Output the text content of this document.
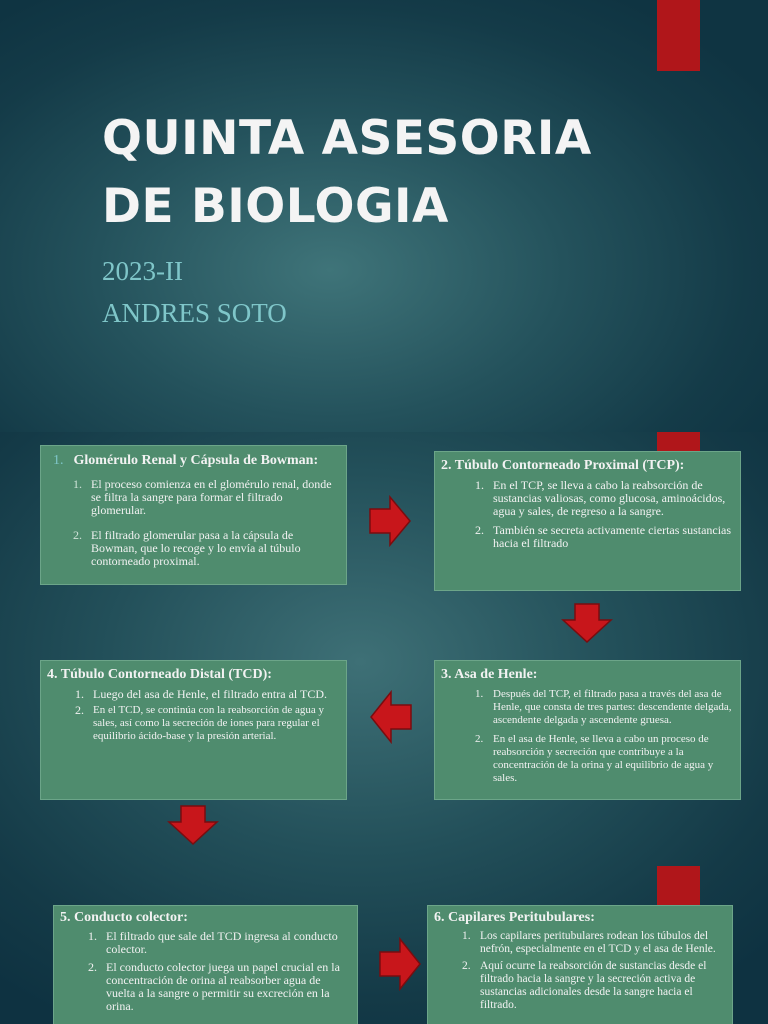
QUINTA ASESORIA
DE BIOLOGIA

2023-II

ANDRES SOTO

1. Glomérulo Renal y Cápsula de Bowman:

1. El proceso comienza en el glomérulo renal, donde se filtra la sangre para formar el filtrado glomerular.
2. El filtrado glomerular pasa a la cápsula de Bowman, que lo recoge y lo envía al túbulo contorneado proximal.

2. Túbulo Contorneado Proximal (TCP):

1. En el TCP, se lleva a cabo la reabsorción de sustancias valiosas, como glucosa, aminoácidos, agua y sales, de regreso a la sangre.
2. También se secreta activamente ciertas sustancias hacia el filtrado

3. Asa de Henle:

1. Después del TCP, el filtrado pasa a través del asa de Henle, que consta de tres partes: descendente delgada, ascendente delgada y ascendente gruesa.
2. En el asa de Henle, se lleva a cabo un proceso de reabsorción y secreción que contribuye a la concentración de la orina y al equilibrio de agua y sales.

4. Túbulo Contorneado Distal (TCD):

1. Luego del asa de Henle, el filtrado entra al TCD.
2. En el TCD, se continúa con la reabsorción de agua y sales, así como la secreción de iones para regular el equilibrio ácido-base y la presión arterial.

5. Conducto colector:

1. El filtrado que sale del TCD ingresa al conducto colector.
2. El conducto colector juega un papel crucial en la concentración de orina al reabsorber agua de vuelta a la sangre o permitir su excreción en la orina.

6. Capilares Peritubulares:

1. Los capilares peritubulares rodean los túbulos del nefrón, especialmente en el TCD y el asa de Henle.
2. Aquí ocurre la reabsorción de sustancias desde el filtrado hacia la sangre y la secreción activa de sustancias adicionales desde la sangre hacia el filtrado.
